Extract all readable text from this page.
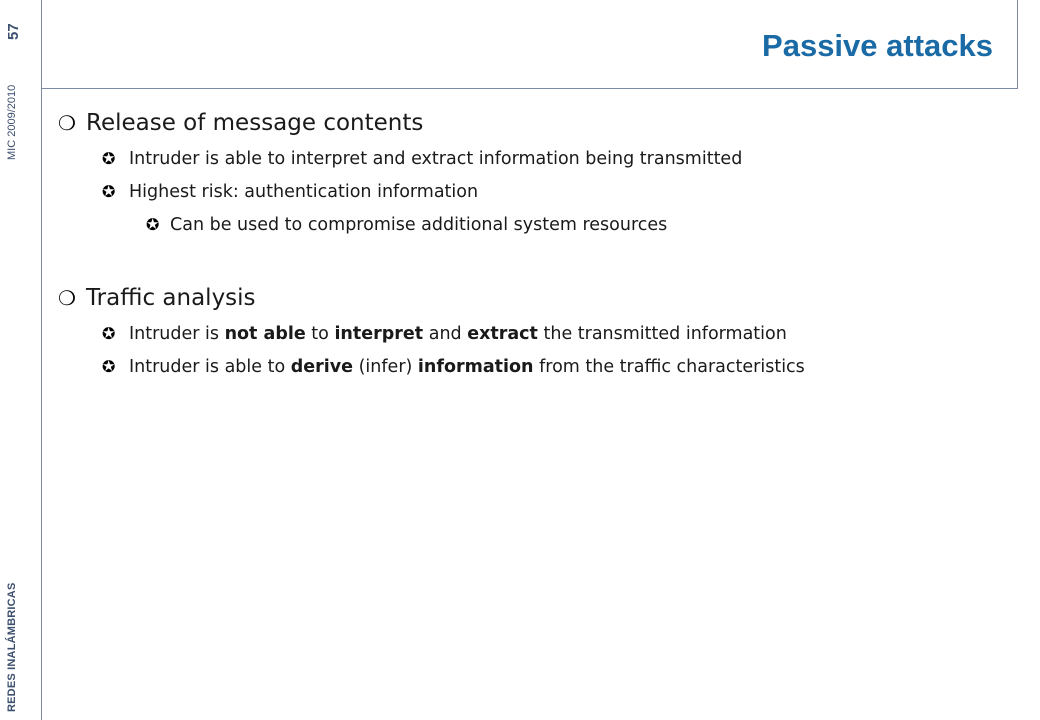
57
MIC 2009/2010
REDES INALÁMBRICAS
Passive attacks
❍ Release of message contents
✪ Intruder is able to interpret and extract information being transmitted
✪ Highest risk: authentication information
✪ Can be used to compromise additional system resources
❍ Traffic analysis
✪ Intruder is not able to interpret and extract the transmitted information
✪ Intruder is able to derive (infer) information from the traffic characteristics
